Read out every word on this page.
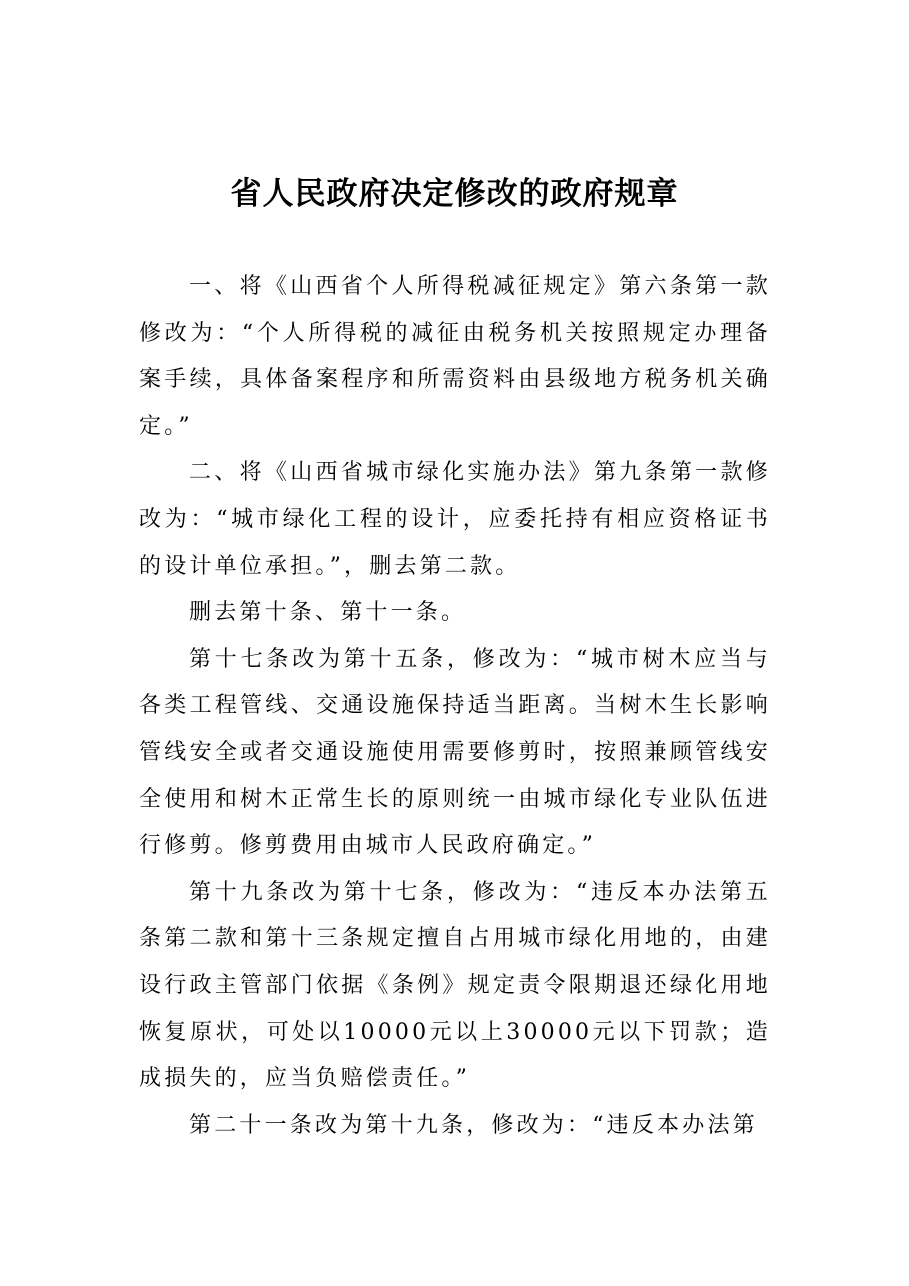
省人民政府决定修改的政府规章

一、将《山西省个人所得税减征规定》第六条第一款修改为：“个人所得税的减征由税务机关按照规定办理备案手续，具体备案程序和所需资料由县级地方税务机关确定。”

二、将《山西省城市绿化实施办法》第九条第一款修改为：“城市绿化工程的设计，应委托持有相应资格证书的设计单位承担。”，删去第二款。

删去第十条、第十一条。

第十七条改为第十五条，修改为：“城市树木应当与各类工程管线、交通设施保持适当距离。当树木生长影响管线安全或者交通设施使用需要修剪时，按照兼顾管线安全使用和树木正常生长的原则统一由城市绿化专业队伍进行修剪。修剪费用由城市人民政府确定。”

第十九条改为第十七条，修改为：“违反本办法第五条第二款和第十三条规定擅自占用城市绿化用地的，由建设行政主管部门依据《条例》规定责令限期退还绿化用地恢复原状，可处以10000元以上30000元以下罚款；造成损失的，应当负赔偿责任。”

第二十一条改为第十九条，修改为：“违反本办法第
